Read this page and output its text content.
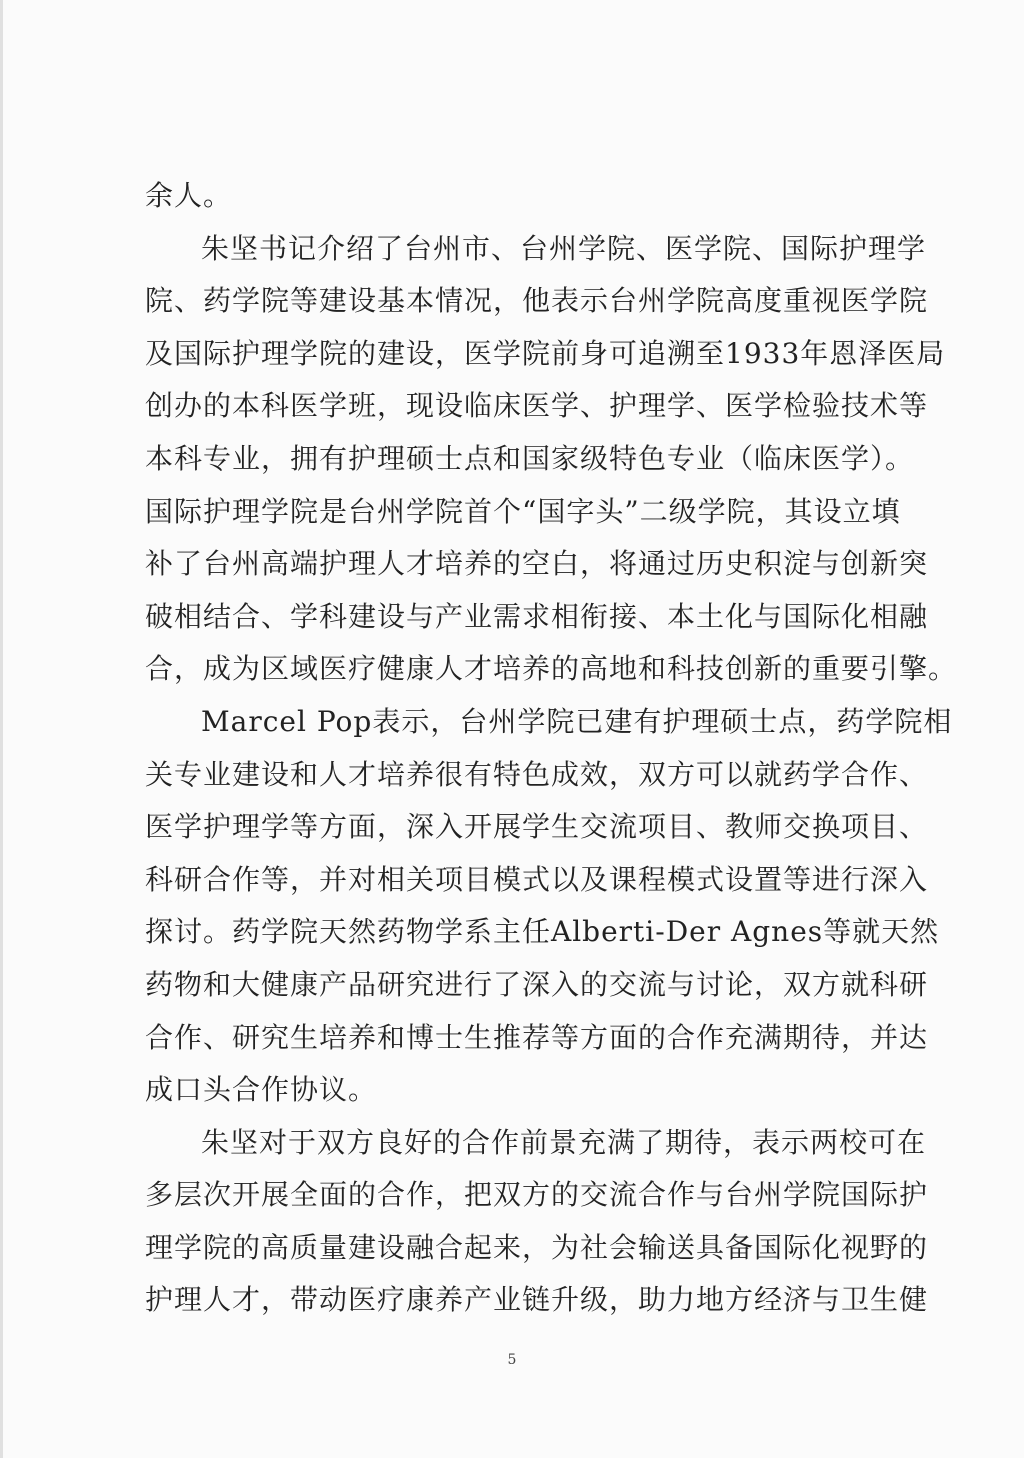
余人。
朱坚书记介绍了台州市、台州学院、医学院、国际护理学
院、药学院等建设基本情况，他表示台州学院高度重视医学院
及国际护理学院的建设，医学院前身可追溯至1933年恩泽医局
创办的本科医学班，现设临床医学、护理学、医学检验技术等
本科专业，拥有护理硕士点和国家级特色专业（临床医学）。
国际护理学院是台州学院首个“国字头”二级学院，其设立填
补了台州高端护理人才培养的空白，将通过历史积淀与创新突
破相结合、学科建设与产业需求相衔接、本土化与国际化相融
合，成为区域医疗健康人才培养的高地和科技创新的重要引擎。
Marcel Pop表示，台州学院已建有护理硕士点，药学院相
关专业建设和人才培养很有特色成效，双方可以就药学合作、
医学护理学等方面，深入开展学生交流项目、教师交换项目、
科研合作等，并对相关项目模式以及课程模式设置等进行深入
探讨。药学院天然药物学系主任Alberti-Der Agnes等就天然
药物和大健康产品研究进行了深入的交流与讨论，双方就科研
合作、研究生培养和博士生推荐等方面的合作充满期待，并达
成口头合作协议。
朱坚对于双方良好的合作前景充满了期待，表示两校可在
多层次开展全面的合作，把双方的交流合作与台州学院国际护
理学院的高质量建设融合起来，为社会输送具备国际化视野的
护理人才，带动医疗康养产业链升级，助力地方经济与卫生健
5
